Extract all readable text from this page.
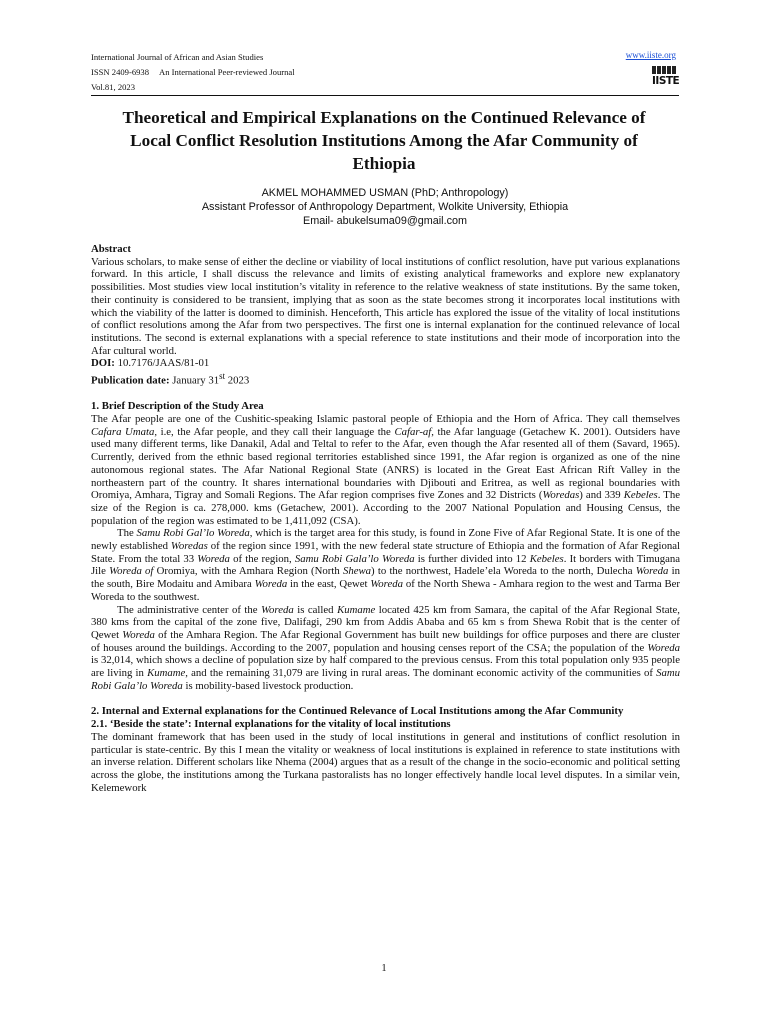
International Journal of African and Asian Studies
ISSN 2409-6938 An International Peer-reviewed Journal
Vol.81, 2023
www.iiste.org
IISTE
Theoretical and Empirical Explanations on the Continued Relevance of Local Conflict Resolution Institutions Among the Afar Community of Ethiopia
AKMEL MOHAMMED USMAN (PhD; Anthropology)
Assistant Professor of Anthropology Department, Wolkite University, Ethiopia
Email- abukelsuma09@gmail.com

Abstract

Various scholars, to make sense of either the decline or viability of local institutions of conflict resolution, have put various explanations forward. In this article, I shall discuss the relevance and limits of existing analytical frameworks and explore new explanatory possibilities. Most studies view local institution’s vitality in reference to the relative weakness of state institutions. By the same token, their continuity is considered to be transient, implying that as soon as the state becomes strong it incorporates local institutions with which the viability of the latter is doomed to diminish. Henceforth, This article has explored the issue of the vitality of local institutions of conflict resolutions among the Afar from two perspectives. The first one is internal explanation for the continued relevance of local institutions. The second is external explanations with a special reference to state institutions and their mode of incorporation into the Afar cultural world.

DOI: 10.7176/JAAS/81-01

Publication date: January 31st 2023

1. Brief Description of the Study Area

The Afar people are one of the Cushitic-speaking Islamic pastoral people of Ethiopia and the Horn of Africa. They call themselves Cafara Umata, i.e, the Afar people, and they call their language the Cafar-af, the Afar language (Getachew K. 2001). Outsiders have used many different terms, like Danakil, Adal and Teltal to refer to the Afar, even though the Afar resented all of them (Savard, 1965). Currently, derived from the ethnic based regional territories established since 1991, the Afar region is organized as one of the nine autonomous regional states. The Afar National Regional State (ANRS) is located in the Great East African Rift Valley in the northeastern part of the country. It shares international boundaries with Djibouti and Eritrea, as well as regional boundaries with Oromiya, Amhara, Tigray and Somali Regions. The Afar region comprises five Zones and 32 Districts (Woredas) and 339 Kebeles. The size of the Region is ca. 278,000. kms (Getachew, 2001). According to the 2007 National Population and Housing Census, the population of the region was estimated to be 1,411,092 (CSA).

The Samu Robi Gal’lo Woreda, which is the target area for this study, is found in Zone Five of Afar Regional State. It is one of the newly established Woredas of the region since 1991, with the new federal state structure of Ethiopia and the formation of Afar Regional State. From the total 33 Woreda of the region, Samu Robi Gala’lo Woreda is further divided into 12 Kebeles. It borders with Timugana Jile Woreda of Oromiya, with the Amhara Region (North Shewa) to the northwest, Hadele’ela Woreda to the north, Dulecha Woreda in the south, Bire Modaitu and Amibara Woreda in the east, Qewet Woreda of the North Shewa - Amhara region to the west and Tarma Ber Woreda to the southwest.

The administrative center of the Woreda is called Kumame located 425 km from Samara, the capital of the Afar Regional State, 380 kms from the capital of the zone five, Dalifagi, 290 km from Addis Ababa and 65 km s from Shewa Robit that is the center of Qewet Woreda of the Amhara Region. The Afar Regional Government has built new buildings for office purposes and there are cluster of houses around the buildings. According to the 2007, population and housing censes report of the CSA; the population of the Woreda is 32,014, which shows a decline of population size by half compared to the previous census. From this total population only 935 people are living in Kumame, and the remaining 31,079 are living in rural areas. The dominant economic activity of the communities of Samu Robi Gala’lo Woreda is mobility-based livestock production.

2. Internal and External explanations for the Continued Relevance of Local Institutions among the Afar Community

2.1. ‘Beside the state’: Internal explanations for the vitality of local institutions

The dominant framework that has been used in the study of local institutions in general and institutions of conflict resolution in particular is state-centric. By this I mean the vitality or weakness of local institutions is explained in reference to state institutions with an inverse relation. Different scholars like Nhema (2004) argues that as a result of the change in the socio-economic and political setting across the globe, the institutions among the Turkana pastoralists has no longer effectively handle local level disputes. In a similar vein, Kelemework

1
